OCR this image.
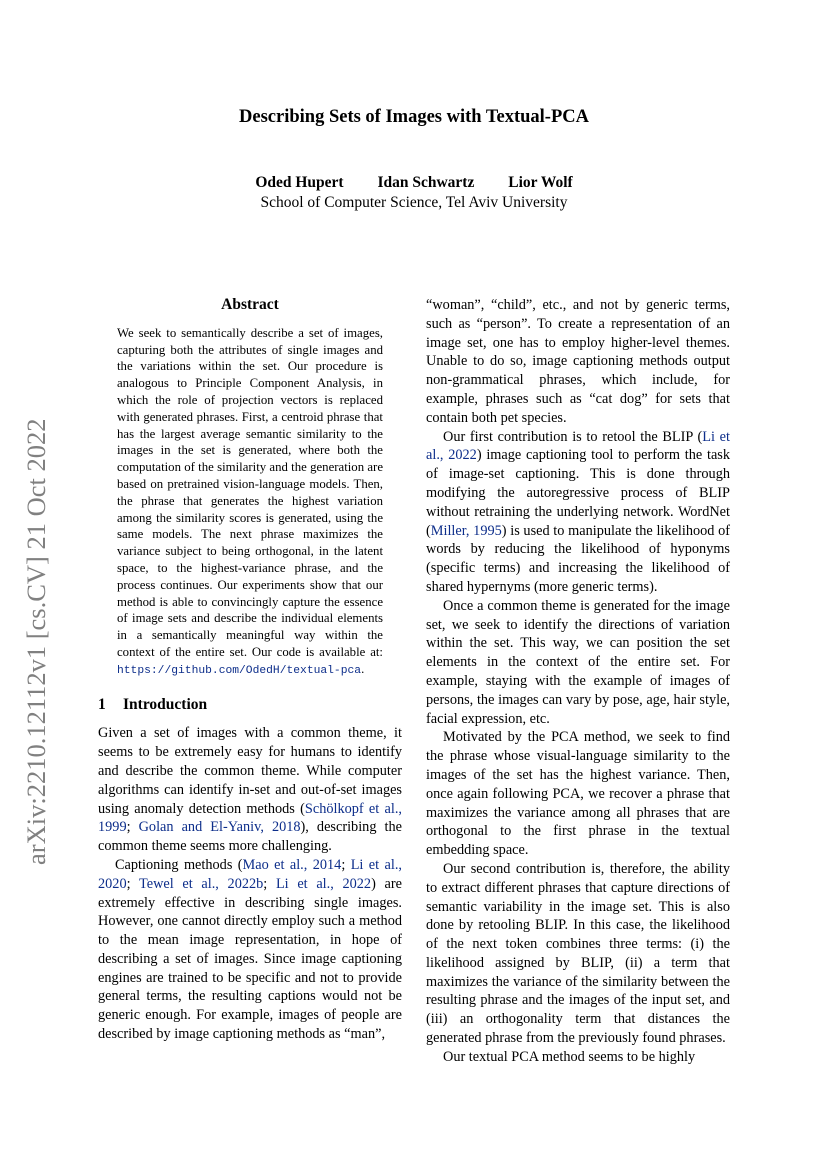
arXiv:2210.12112v1 [cs.CV] 21 Oct 2022
Describing Sets of Images with Textual-PCA
Oded Hupert Idan Schwartz Lior Wolf
School of Computer Science, Tel Aviv University
Abstract

We seek to semantically describe a set of images, capturing both the attributes of single images and the variations within the set. Our procedure is analogous to Principle Component Analysis, in which the role of projection vectors is replaced with generated phrases. First, a centroid phrase that has the largest average semantic similarity to the images in the set is generated, where both the computation of the similarity and the generation are based on pretrained vision-language models. Then, the phrase that generates the highest variation among the similarity scores is generated, using the same models. The next phrase maximizes the variance subject to being orthogonal, in the latent space, to the highest-variance phrase, and the process continues. Our experiments show that our method is able to convincingly capture the essence of image sets and describe the individual elements in a semantically meaningful way within the context of the entire set. Our code is available at: https://github.com/OdedH/textual-pca.

1 Introduction

Given a set of images with a common theme, it seems to be extremely easy for humans to identify and describe the common theme. While computer algorithms can identify in-set and out-of-set images using anomaly detection methods (Schölkopf et al., 1999; Golan and El-Yaniv, 2018), describing the common theme seems more challenging.

Captioning methods (Mao et al., 2014; Li et al., 2020; Tewel et al., 2022b; Li et al., 2022) are extremely effective in describing single images. However, one cannot directly employ such a method to the mean image representation, in hope of describing a set of images. Since image captioning engines are trained to be specific and not to provide general terms, the resulting captions would not be generic enough. For example, images of people are described by image captioning methods as “man”,

“woman”, “child”, etc., and not by generic terms, such as “person”. To create a representation of an image set, one has to employ higher-level themes. Unable to do so, image captioning methods output non-grammatical phrases, which include, for example, phrases such as “cat dog” for sets that contain both pet species.

Our first contribution is to retool the BLIP (Li et al., 2022) image captioning tool to perform the task of image-set captioning. This is done through modifying the autoregressive process of BLIP without retraining the underlying network. WordNet (Miller, 1995) is used to manipulate the likelihood of words by reducing the likelihood of hyponyms (specific terms) and increasing the likelihood of shared hypernyms (more generic terms).

Once a common theme is generated for the image set, we seek to identify the directions of variation within the set. This way, we can position the set elements in the context of the entire set. For example, staying with the example of images of persons, the images can vary by pose, age, hair style, facial expression, etc.

Motivated by the PCA method, we seek to find the phrase whose visual-language similarity to the images of the set has the highest variance. Then, once again following PCA, we recover a phrase that maximizes the variance among all phrases that are orthogonal to the first phrase in the textual embedding space.

Our second contribution is, therefore, the ability to extract different phrases that capture directions of semantic variability in the image set. This is also done by retooling BLIP. In this case, the likelihood of the next token combines three terms: (i) the likelihood assigned by BLIP, (ii) a term that maximizes the variance of the similarity between the resulting phrase and the images of the input set, and (iii) an orthogonality term that distances the generated phrase from the previously found phrases.

Our textual PCA method seems to be highly
